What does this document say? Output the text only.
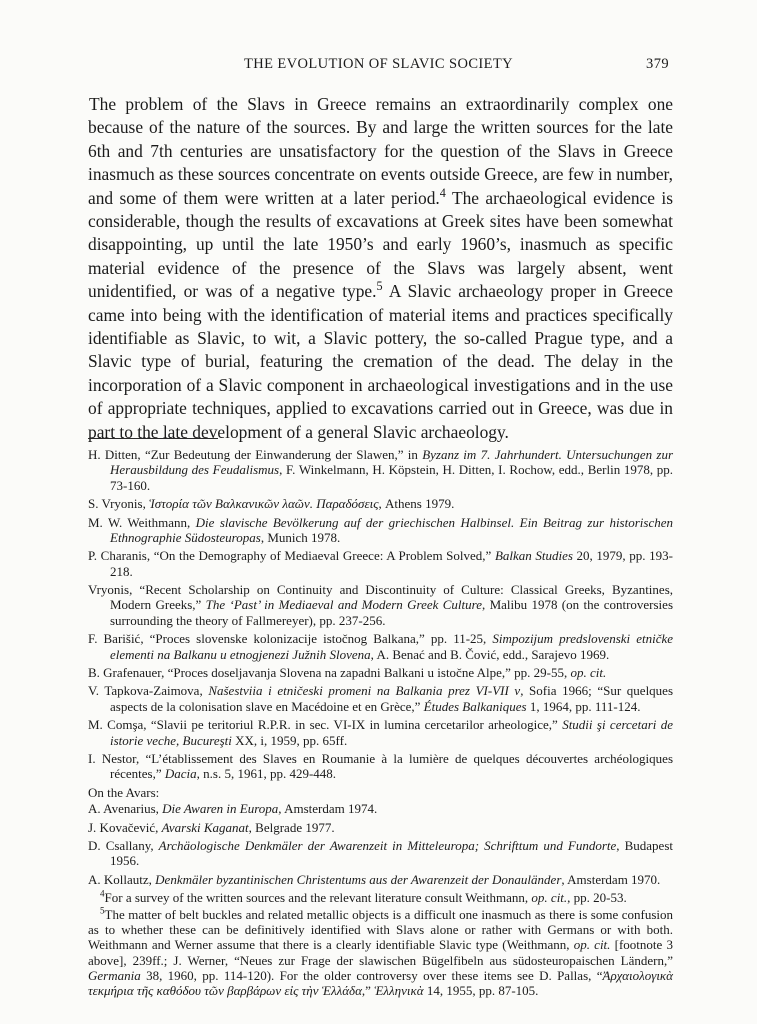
THE EVOLUTION OF SLAVIC SOCIETY	379

The problem of the Slavs in Greece remains an extraordinarily complex one because of the nature of the sources. By and large the written sources for the late 6th and 7th centuries are unsatisfactory for the question of the Slavs in Greece inasmuch as these sources concentrate on events outside Greece, are few in number, and some of them were written at a later period.$^4$ The archaeological evidence is considerable, though the results of excavations at Greek sites have been somewhat disappointing, up until the late 1950’s and early 1960’s, inasmuch as specific material evidence of the presence of the Slavs was largely absent, went unidentified, or was of a negative type.$^5$ A Slavic archaeology proper in Greece came into being with the identification of material items and practices specifically identifiable as Slavic, to wit, a Slavic pottery, the so-called Prague type, and a Slavic type of burial, featuring the cremation of the dead. The delay in the incorporation of a Slavic component in archaeological investigations and in the use of appropriate techniques, applied to excavations carried out in Greece, was due in part to the late development of a general Slavic archaeology.

H. Ditten, “Zur Bedeutung der Einwanderung der Slawen,” in Byzanz im 7. Jahrhundert. Untersuchungen zur Herausbildung des Feudalismus, F. Winkelmann, H. Köpstein, H. Ditten, I. Rochow, edd., Berlin 1978, pp. 73-160.

S. Vryonis, Ἱστορία τῶν Βαλκανικῶν λαῶν. Παραδόσεις, Athens 1979.

M. W. Weithmann, Die slavische Bevölkerung auf der griechischen Halbinsel. Ein Beitrag zur historischen Ethnographie Südosteuropas, Munich 1978.

P. Charanis, “On the Demography of Mediaeval Greece: A Problem Solved,” Balkan Studies 20, 1979, pp. 193-218.

Vryonis, “Recent Scholarship on Continuity and Discontinuity of Culture: Classical Greeks, Byzantines, Modern Greeks,” The ‘Past’ in Mediaeval and Modern Greek Culture, Malibu 1978 (on the controversies surrounding the theory of Fallmereyer), pp. 237-256.

F. Barišić, “Proces slovenske kolonizacije istočnog Balkana,” pp. 11-25, Simpozijum predslovenski etničke elementi na Balkanu u etnogjenezi Južnih Slovena, A. Benać and B. Čović, edd., Sarajevo 1969.

B. Grafenauer, “Proces doseljavanja Slovena na zapadni Balkani u istočne Alpe,” pp. 29-55, op. cit.

V. Tapkova-Zaimova, Našestviia i etničeski promeni na Balkania prez VI-VII v, Sofia 1966; “Sur quelques aspects de la colonisation slave en Macédoine et en Grèce,” Études Balkaniques 1, 1964, pp. 111-124.

M. Comşa, “Slavii pe teritoriul R.P.R. in sec. VI-IX in lumina cercetarilor arheologice,” Studii şi cercetari de istorie veche, Bucureşti XX, i, 1959, pp. 65ff.

I. Nestor, “L’établissement des Slaves en Roumanie à la lumière de quelques découvertes archéologiques récentes,” Dacia, n.s. 5, 1961, pp. 429-448.

On the Avars:

A. Avenarius, Die Awaren in Europa, Amsterdam 1974.

J. Kovačević, Avarski Kaganat, Belgrade 1977.

D. Csallany, Archäologische Denkmäler der Awarenzeit in Mitteleuropa; Schrifttum und Fundorte, Budapest 1956.

A. Kollautz, Denkmäler byzantinischen Christentums aus der Awarenzeit der Donauländer, Amsterdam 1970.

$^4$For a survey of the written sources and the relevant literature consult Weithmann, op. cit., pp. 20-53.

$^5$The matter of belt buckles and related metallic objects is a difficult one inasmuch as there is some confusion as to whether these can be definitively identified with Slavs alone or rather with Germans or with both. Weithmann and Werner assume that there is a clearly identifiable Slavic type (Weithmann, op. cit. [footnote 3 above], 239ff.; J. Werner, “Neues zur Frage der slawischen Bügelfibeln aus südosteuropaischen Ländern,” Germania 38, 1960, pp. 114-120). For the older controversy over these items see D. Pallas, “Ἀρχαιολογικὰ τεκμήρια τῆς καθόδου τῶν βαρβάρων εἰς τὴν Ἑλλάδα,” Ἑλληνικὰ 14, 1955, pp. 87-105.
